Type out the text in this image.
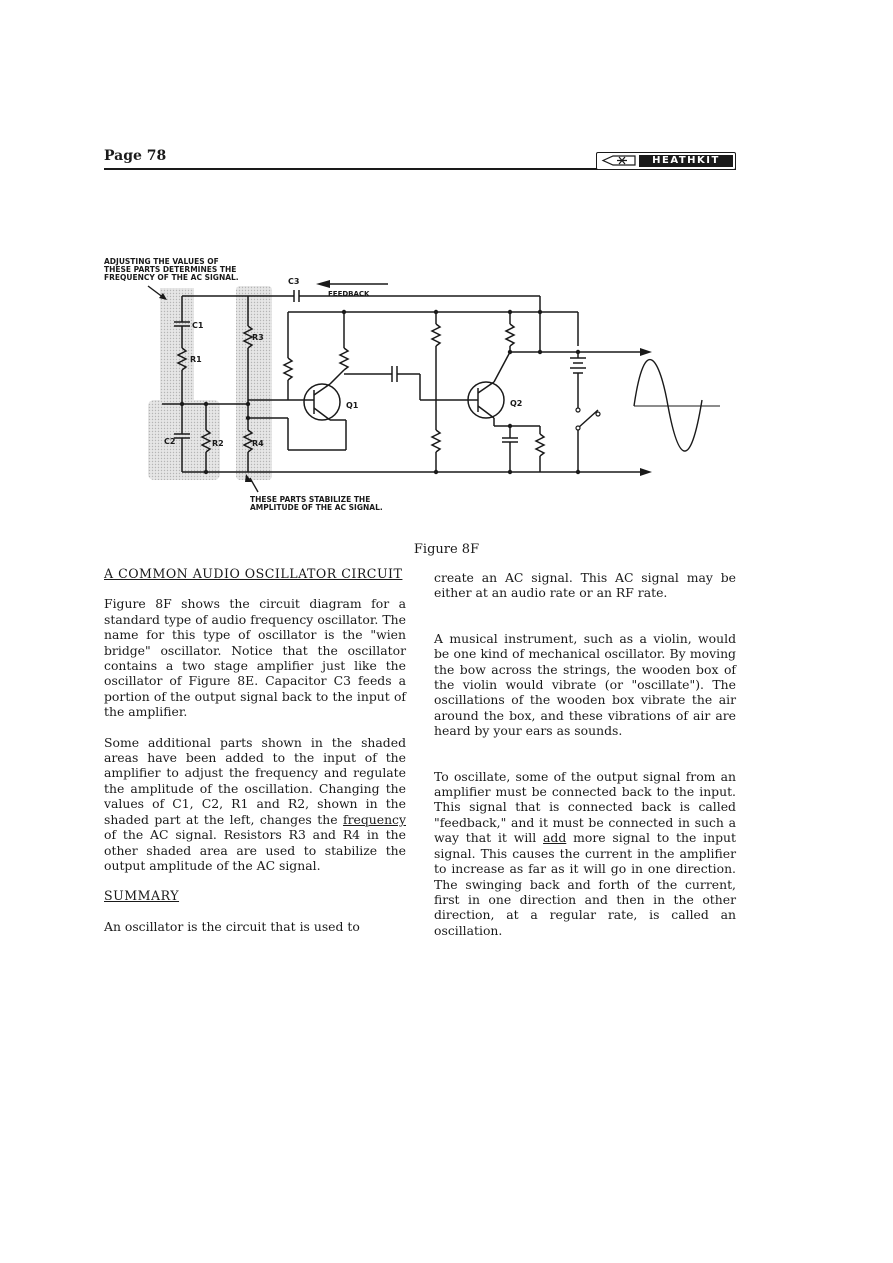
Page 78	HEATHKIT
ADJUSTING THE VALUES OF THESE PARTS DETERMINES THE FREQUENCY OF THE AC SIGNAL.	C3
FEEDBACK
C1
R1
R3
C2	R2	R4
Q1	Q2
THESE PARTS STABILIZE THE AMPLITUDE OF THE AC SIGNAL.
Figure 8F
A COMMON AUDIO OSCILLATOR CIRCUIT

Figure 8F shows the circuit diagram for a standard type of audio frequency oscillator. The name for this type of oscillator is the "wien bridge" oscillator. Notice that the oscillator contains a two stage amplifier just like the oscillator of Figure 8E. Capacitor C3 feeds a portion of the output signal back to the input of the amplifier.

Some additional parts shown in the shaded areas have been added to the input of the amplifier to adjust the frequency and regulate the amplitude of the oscillation. Changing the values of C1, C2, R1 and R2, shown in the shaded part at the left, changes the frequency of the AC signal. Resistors R3 and R4 in the other shaded area are used to stabilize the output amplitude of the AC signal.

SUMMARY

An oscillator is the circuit that is used to

create an AC signal. This AC signal may be either at an audio rate or an RF rate.

A musical instrument, such as a violin, would be one kind of mechanical oscillator. By moving the bow across the strings, the wooden box of the violin would vibrate (or "oscillate"). The oscillations of the wooden box vibrate the air around the box, and these vibrations of air are heard by your ears as sounds.

To oscillate, some of the output signal from an amplifier must be connected back to the input. This signal that is connected back is called "feedback," and it must be connected in such a way that it will add more signal to the input signal. This causes the current in the amplifier to increase as far as it will go in one direction. The swinging back and forth of the current, first in one direction and then in the other direction, at a regular rate, is called an oscillation.
